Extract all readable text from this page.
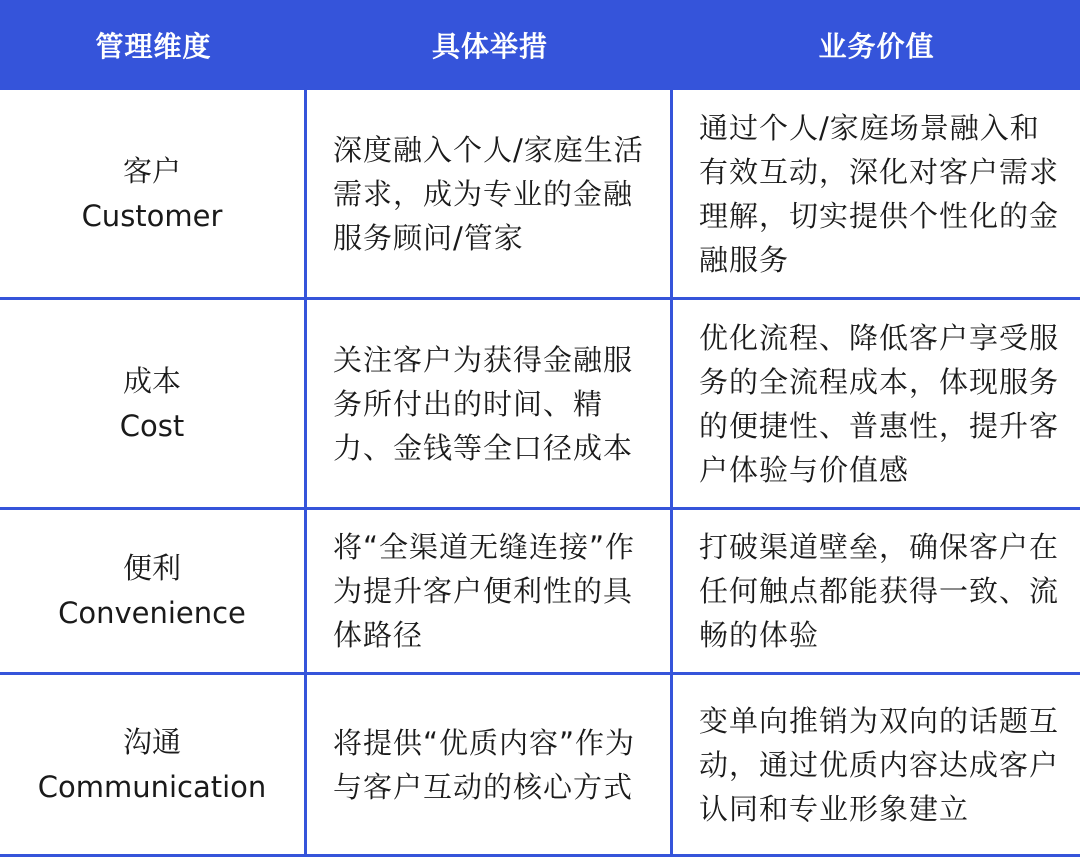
管理维度	具体举措	业务价值
客户
Customer
深度融入个人/家庭生活需求，成为专业的金融服务顾问/管家
通过个人/家庭场景融入和有效互动，深化对客户需求理解，切实提供个性化的金融服务
成本
Cost
关注客户为获得金融服务所付出的时间、精力、金钱等全口径成本
优化流程、降低客户享受服务的全流程成本，体现服务的便捷性、普惠性，提升客户体验与价值感
便利
Convenience
将“全渠道无缝连接”作为提升客户便利性的具体路径
打破渠道壁垒，确保客户在任何触点都能获得一致、流畅的体验
沟通
Communication
将提供“优质内容”作为与客户互动的核心方式
变单向推销为双向的话题互动，通过优质内容达成客户认同和专业形象建立
